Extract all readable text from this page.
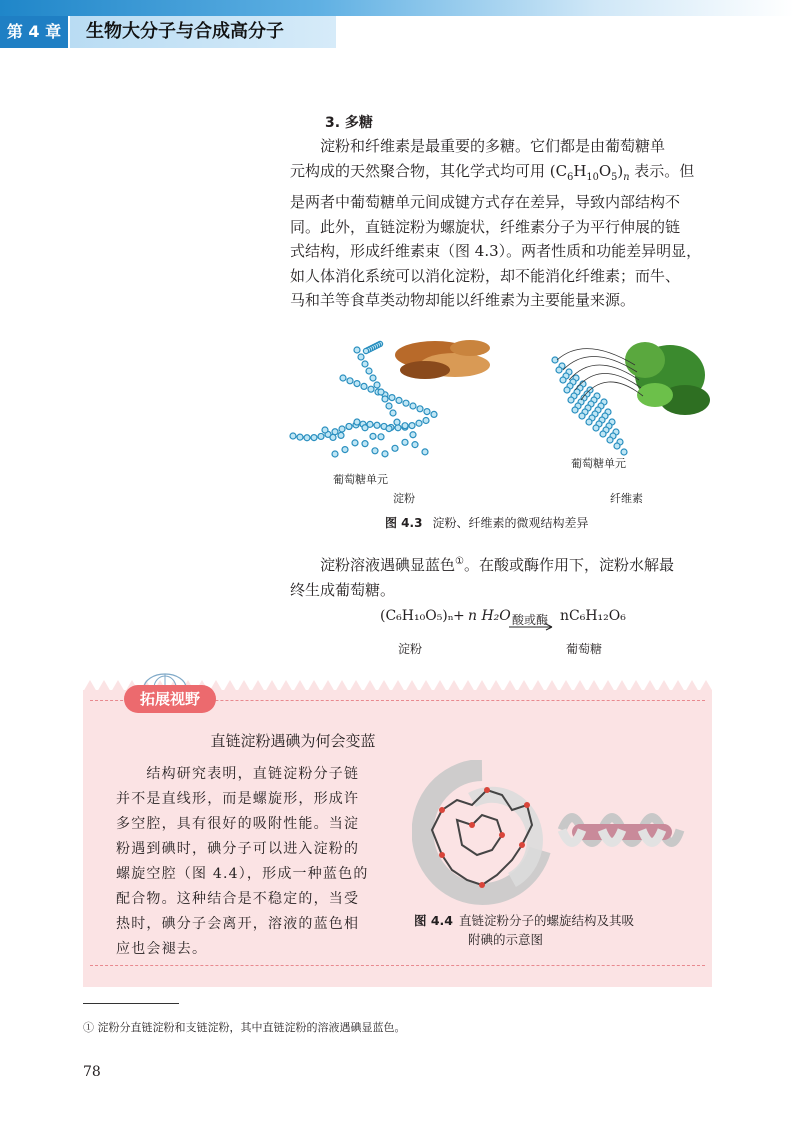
第 4 章	生物大分子与合成高分子
3. 多糖
　　淀粉和纤维素是最重要的多糖。它们都是由葡萄糖单
元构成的天然聚合物，其化学式均可用 $(C_6H_{10}O_5)_n$ 表示。但
是两者中葡萄糖单元间成键方式存在差异，导致内部结构不
同。此外，直链淀粉为螺旋状，纤维素分子为平行伸展的链
式结构，形成纤维素束（图 4.3）。两者性质和功能差异明显，
如人体消化系统可以消化淀粉，却不能消化纤维素；而牛、
马和羊等食草类动物却能以纤维素为主要能量来源。
葡萄糖单元
葡萄糖单元
淀粉	纤维素
图 4.3 淀粉、纤维素的微观结构差异
　　淀粉溶液遇碘显蓝色①。在酸或酶作用下，淀粉水解最
终生成葡萄糖。
(C₆H₁₀O₅)ₙ + n H₂O 酸或酶 nC₆H₁₂O₆
淀粉	葡萄糖
拓展视野
直链淀粉遇碘为何会变蓝
　　结构研究表明，直链淀粉分子链
并不是直线形，而是螺旋形，形成许
多空腔，具有很好的吸附性能。当淀
粉遇到碘时，碘分子可以进入淀粉的
螺旋空腔（图 4.4），形成一种蓝色的
配合物。这种结合是不稳定的，当受
热时，碘分子会离开，溶液的蓝色相
应也会褪去。
图 4.4 直链淀粉分子的螺旋结构及其吸
附碘的示意图
① 淀粉分直链淀粉和支链淀粉，其中直链淀粉的溶液遇碘显蓝色。
78
